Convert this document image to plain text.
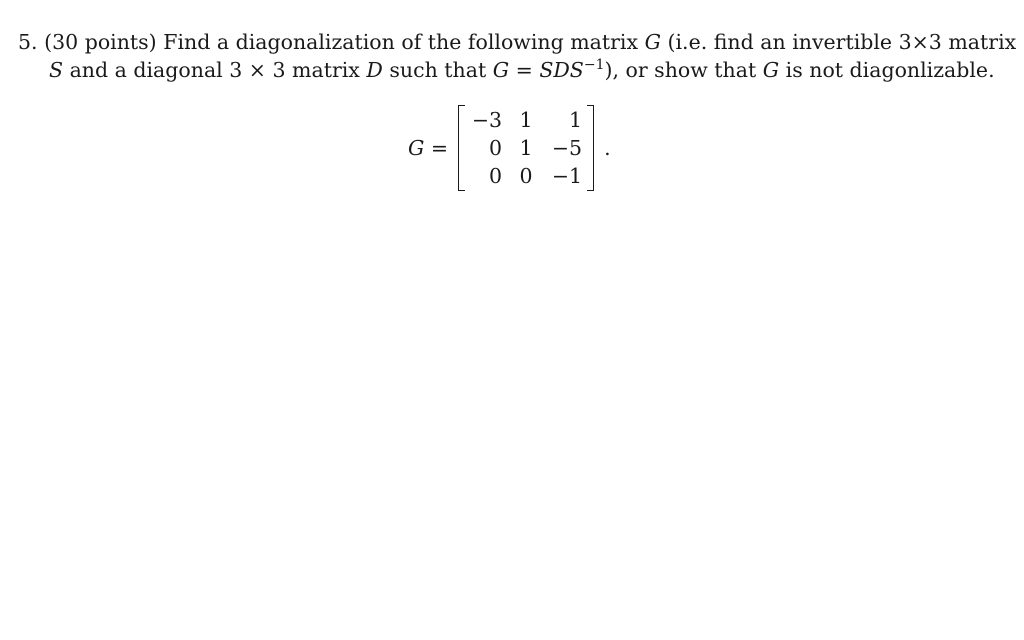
5. (30 points) Find a diagonalization of the following matrix G (i.e. find an invertible 3×3 matrix
S and a diagonal 3 × 3 matrix D such that $G = SDS^{-1}$), or show that G is not diagonlizable.
G =
−3 1	1
0 1 −5
0 0 −1
.
